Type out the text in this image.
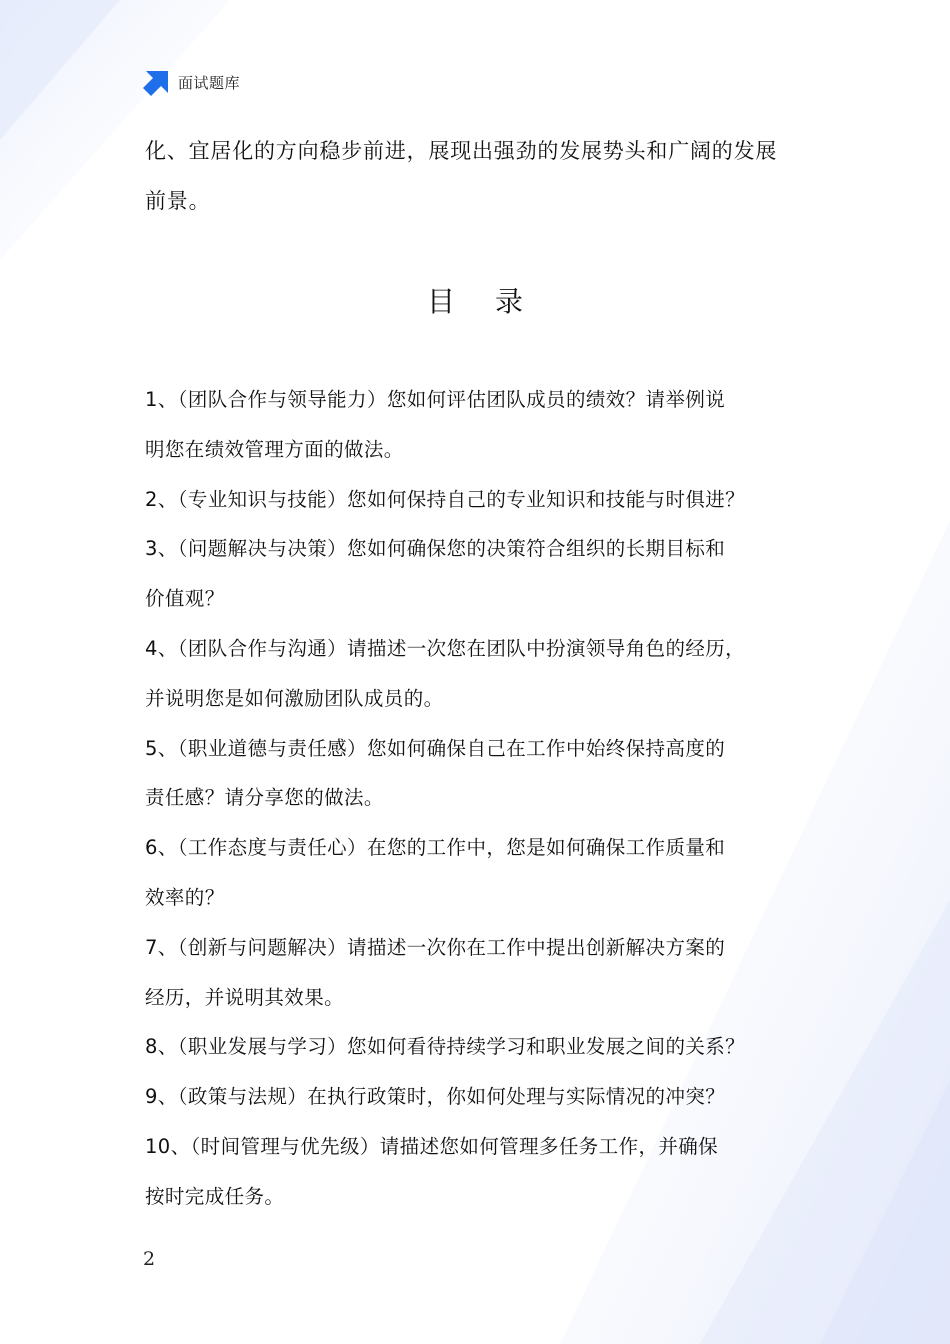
面试题库

化、宜居化的方向稳步前进，展现出强劲的发展势头和广阔的发展

前景。

目录
1、（团队合作与领导能力）您如何评估团队成员的绩效？请举例说
明您在绩效管理方面的做法。
2、（专业知识与技能）您如何保持自己的专业知识和技能与时俱进？
3、（问题解决与决策）您如何确保您的决策符合组织的长期目标和
价值观？
4、（团队合作与沟通）请描述一次您在团队中扮演领导角色的经历，
并说明您是如何激励团队成员的。
5、（职业道德与责任感）您如何确保自己在工作中始终保持高度的
责任感？请分享您的做法。
6、（工作态度与责任心）在您的工作中，您是如何确保工作质量和
效率的？
7、（创新与问题解决）请描述一次你在工作中提出创新解决方案的
经历，并说明其效果。
8、（职业发展与学习）您如何看待持续学习和职业发展之间的关系？
9、（政策与法规）在执行政策时，你如何处理与实际情况的冲突？
10、（时间管理与优先级）请描述您如何管理多任务工作，并确保
按时完成任务。
2
